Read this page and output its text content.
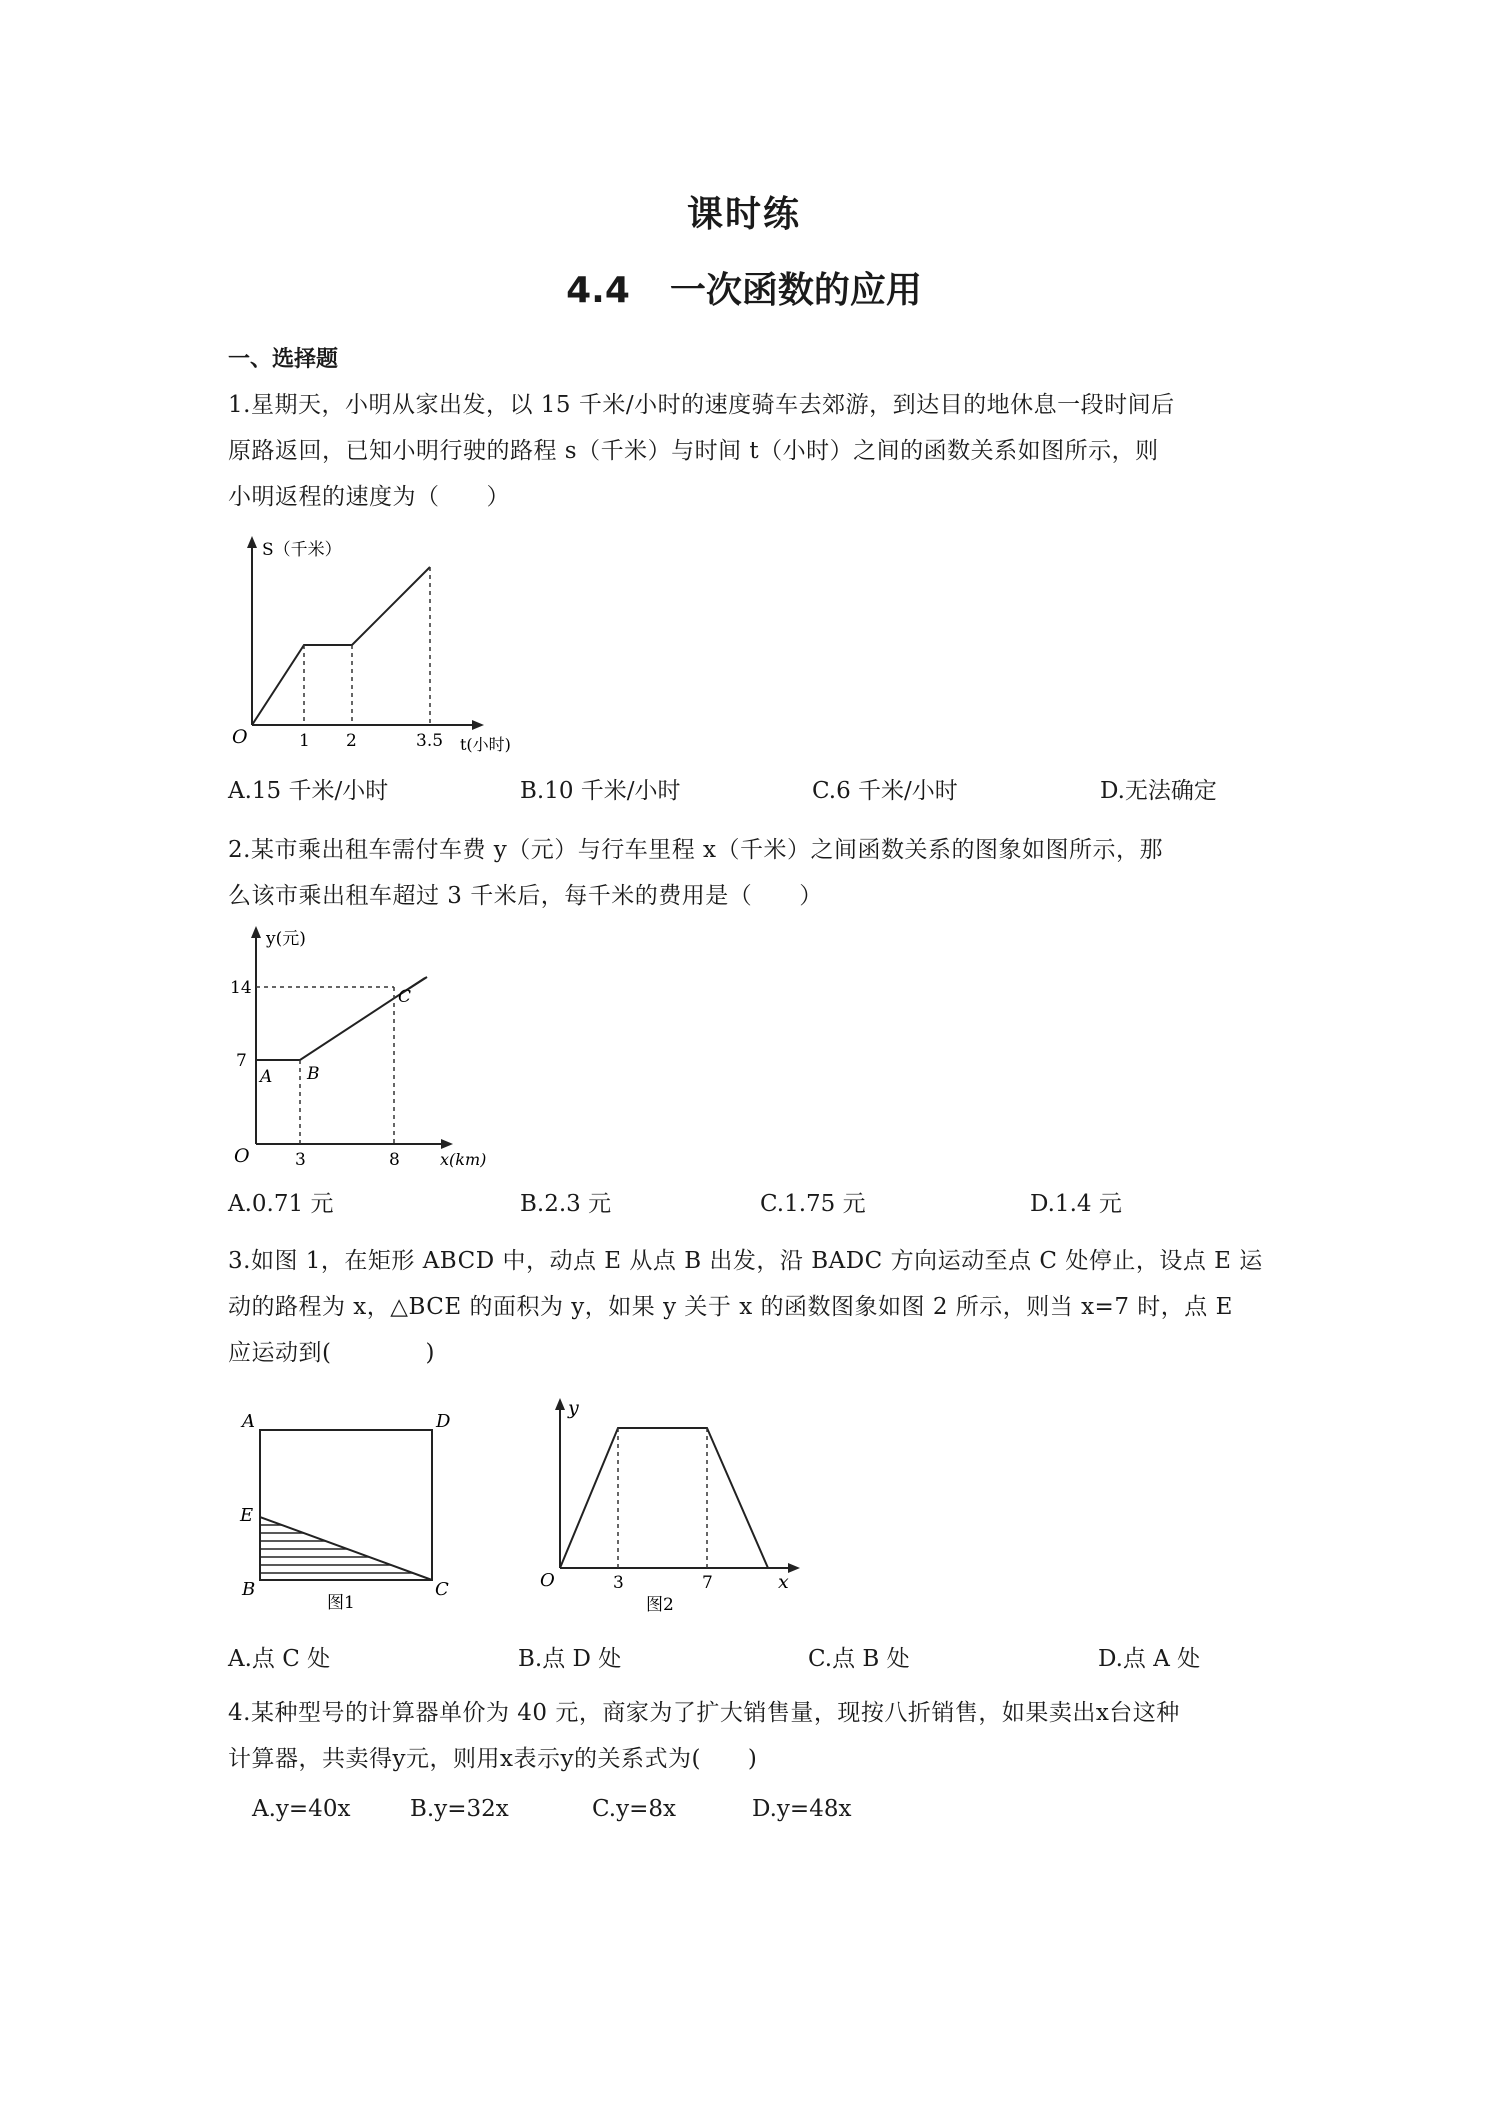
课时练
4.4 一次函数的应用
一、选择题
1.星期天，小明从家出发，以 15 千米/小时的速度骑车去郊游，到达目的地休息一段时间后
原路返回，已知小明行驶的路程 s（千米）与时间 t（小时）之间的函数关系如图所示，则
小明返程的速度为（　　）
S（千米）
O	1 2	3.5 t(小时)
A.15 千米/小时	B.10 千米/小时	C.6 千米/小时	D.无法确定
2.某市乘出租车需付车费 y（元）与行车里程 x（千米）之间函数关系的图象如图所示，那
么该市乘出租车超过 3 千米后，每千米的费用是（　　）
y(元)
14
7
A B
C
O	3	8	x(km)
A.0.71 元	B.2.3 元	C.1.75 元	D.1.4 元
3.如图 1，在矩形 ABCD 中，动点 E 从点 B 出发，沿 BADC 方向运动至点 C 处停止，设点 E 运
动的路程为 x，△BCE 的面积为 y，如果 y 关于 x 的函数图象如图 2 所示，则当 x=7 时，点 E
应运动到(　　　　)
A	D
E
B	C
图1
y
O	3	7	x
图2
A.点 C 处	B.点 D 处	C.点 B 处	D.点 A 处
4.某种型号的计算器单价为 40 元，商家为了扩大销售量，现按八折销售，如果卖出x台这种
计算器，共卖得y元，则用x表示y的关系式为(　　)
A.y=40x	B.y=32x	C.y=8x	D.y=48x
